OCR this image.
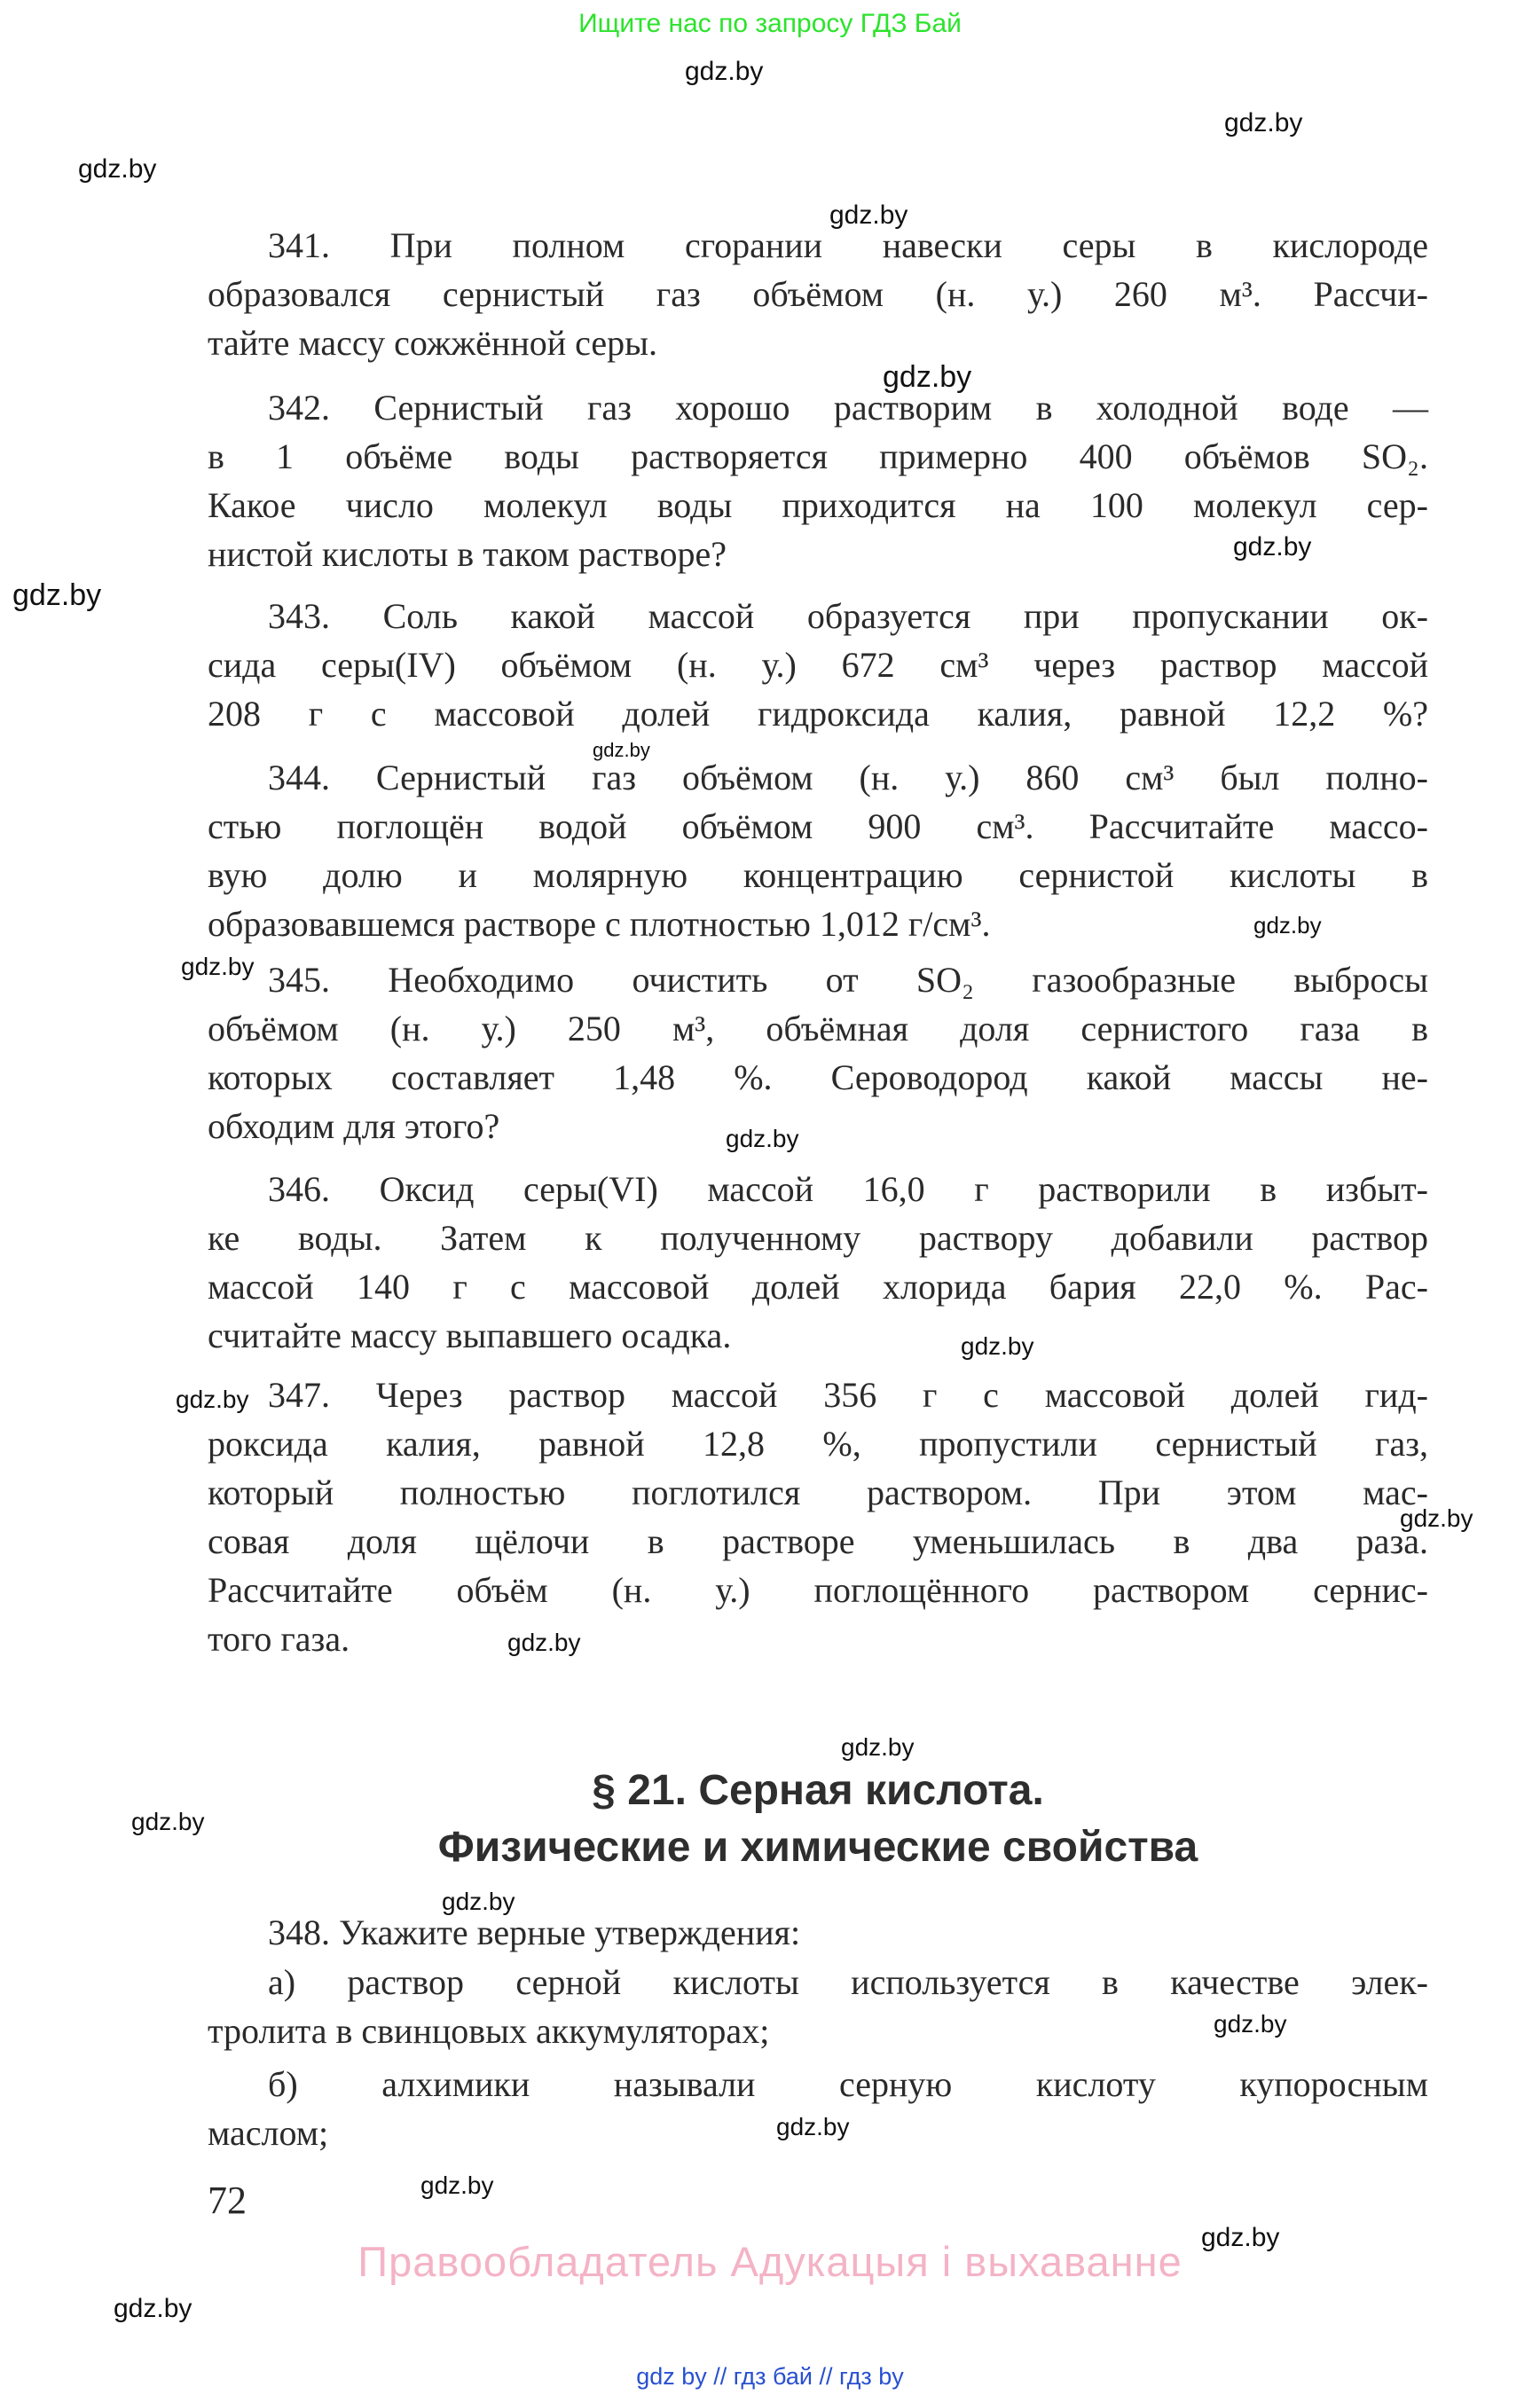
Ищите нас по запросу ГДЗ Бай
341. При полном сгорании навески серы в кислороде
образовался сернистый газ объёмом (н. у.) 260 м³. Рассчи-
тайте массу сожжённой серы.
342. Сернистый газ хорошо растворим в холодной воде —
в 1 объёме воды растворяется примерно 400 объёмов SO₂.
Какое число молекул воды приходится на 100 молекул сер-
нистой кислоты в таком растворе?
343. Соль какой массой образуется при пропускании ок-
сида серы(IV) объёмом (н. у.) 672 см³ через раствор массой
208 г с массовой долей гидроксида калия, равной 12,2 %?
344. Сернистый газ объёмом (н. у.) 860 см³ был полно-
стью поглощён водой объёмом 900 см³. Рассчитайте массо-
вую долю и молярную концентрацию сернистой кислоты в
образовавшемся растворе с плотностью 1,012 г/см³.
345. Необходимо очистить от SO₂ газообразные выбросы
объёмом (н. у.) 250 м³, объёмная доля сернистого газа в
которых составляет 1,48 %. Сероводород какой массы не-
обходим для этого?
346. Оксид серы(VI) массой 16,0 г растворили в избыт-
ке воды. Затем к полученному раствору добавили раствор
массой 140 г с массовой долей хлорида бария 22,0 %. Рас-
считайте массу выпавшего осадка.
347. Через раствор массой 356 г с массовой долей гид-
роксида калия, равной 12,8 %, пропустили сернистый газ,
который полностью поглотился раствором. При этом мас-
совая доля щёлочи в растворе уменьшилась в два раза.
Рассчитайте объём (н. у.) поглощённого раствором сернис-
того газа.
348. Укажите верные утверждения:
а) раствор серной кислоты используется в качестве элек-
тролита в свинцовых аккумуляторах;
б) алхимики называли серную кислоту купоросным
маслом;
§ 21. Серная кислота.
Физические и химические свойства
72
Правообладатель Адукацыя і выхаванне
gdz by // гдз бай // гдз by
gdz.by
gdz.by
gdz.by
gdz.by
gdz.by
gdz.by
gdz.by
gdz.by
gdz.by
gdz.by
gdz.by
gdz.by
gdz.by
gdz.by
gdz.by
gdz.by
gdz.by
gdz.by
gdz.by
gdz.by
gdz.by
gdz.by
gdz.by
